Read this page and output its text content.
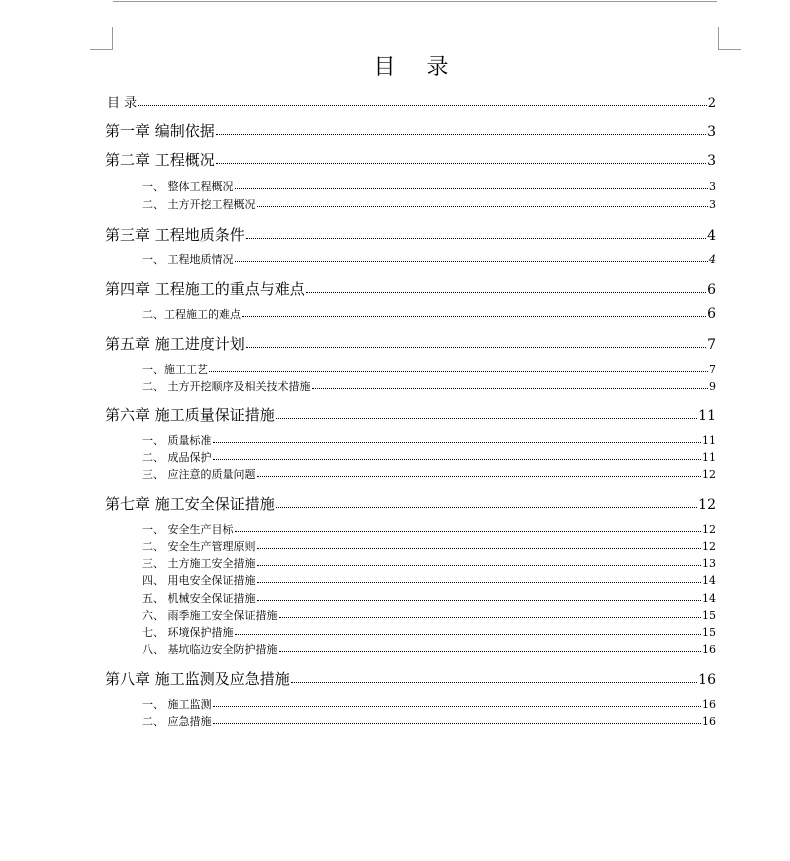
目 录
目 录	2
第一章 编制依据	3
第二章 工程概况	3
一、 整体工程概况	3
二、 土方开挖工程概况	3
第三章 工程地质条件	4
一、 工程地质情况	4
第四章 工程施工的重点与难点	6
二、工程施工的难点	6
第五章 施工进度计划	7
一、施工工艺	7
二、 土方开挖顺序及相关技术措施	9
第六章 施工质量保证措施	11
一、 质量标准	11
二、 成品保护	11
三、 应注意的质量问题	12
第七章 施工安全保证措施	12
一、 安全生产目标	12
二、 安全生产管理原则	12
三、 土方施工安全措施	13
四、 用电安全保证措施	14
五、 机械安全保证措施	14
六、 雨季施工安全保证措施	15
七、 环境保护措施	15
八、 基坑临边安全防护措施	16
第八章 施工监测及应急措施	16
一、 施工监测	16
二、 应急措施	16
